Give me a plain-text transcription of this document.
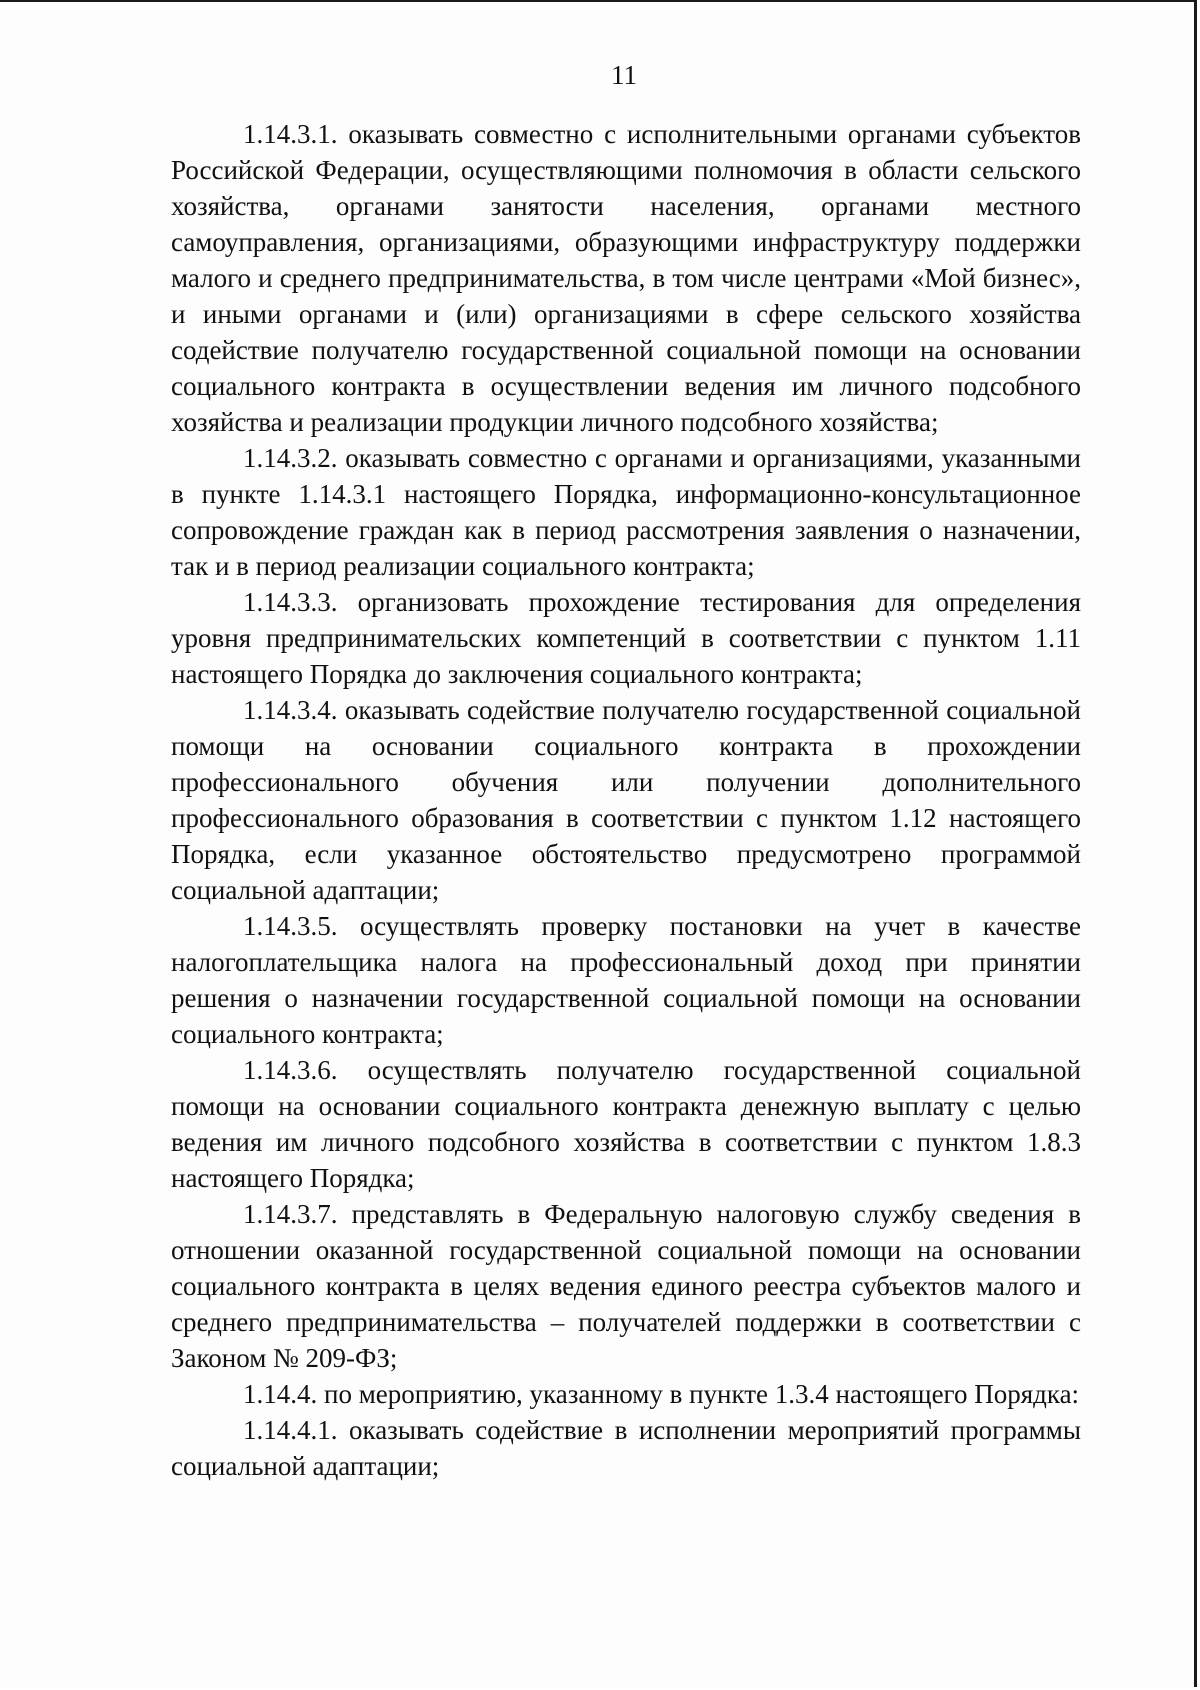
11

1.14.3.1. оказывать совместно с исполнительными органами субъектов Российской Федерации, осуществляющими полномочия в области сельского хозяйства, органами занятости населения, органами местного самоуправления, организациями, образующими инфраструктуру поддержки малого и среднего предпринимательства, в том числе центрами «Мой бизнес», и иными органами и (или) организациями в сфере сельского хозяйства содействие получателю государственной социальной помощи на основании социального контракта в осуществлении ведения им личного подсобного хозяйства и реализации продукции личного подсобного хозяйства;

1.14.3.2. оказывать совместно с органами и организациями, указанными в пункте 1.14.3.1 настоящего Порядка, информационно-консультационное сопровождение граждан как в период рассмотрения заявления о назначении, так и в период реализации социального контракта;

1.14.3.3. организовать прохождение тестирования для определения уровня предпринимательских компетенций в соответствии с пунктом 1.11 настоящего Порядка до заключения социального контракта;

1.14.3.4. оказывать содействие получателю государственной социальной помощи на основании социального контракта в прохождении профессионального обучения или получении дополнительного профессионального образования в соответствии с пунктом 1.12 настоящего Порядка, если указанное обстоятельство предусмотрено программой социальной адаптации;

1.14.3.5. осуществлять проверку постановки на учет в качестве налогоплательщика налога на профессиональный доход при принятии решения о назначении государственной социальной помощи на основании социального контракта;

1.14.3.6. осуществлять получателю государственной социальной помощи на основании социального контракта денежную выплату с целью ведения им личного подсобного хозяйства в соответствии с пунктом 1.8.3 настоящего Порядка;

1.14.3.7. представлять в Федеральную налоговую службу сведения в отношении оказанной государственной социальной помощи на основании социального контракта в целях ведения единого реестра субъектов малого и среднего предпринимательства – получателей поддержки в соответствии с Законом № 209-ФЗ;

1.14.4. по мероприятию, указанному в пункте 1.3.4 настоящего Порядка:

1.14.4.1. оказывать содействие в исполнении мероприятий программы социальной адаптации;
